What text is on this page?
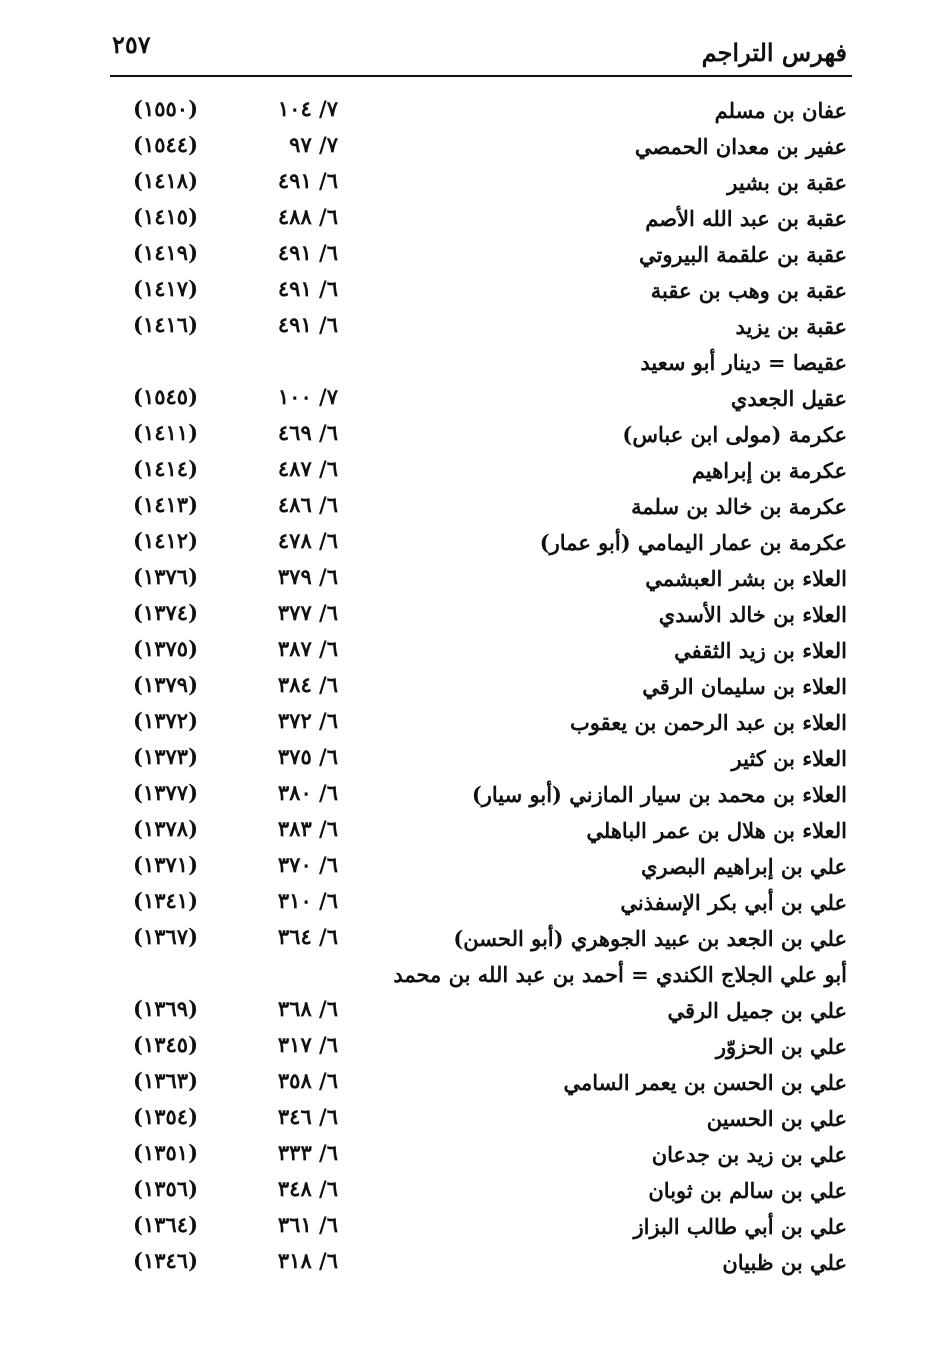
٢٥٧	فهرس التراجم
عفان بن مسلم
٧/ ١٠٤
(١٥٥٠)
عفير بن معدان الحمصي
٧/ ٩٧
(١٥٤٤)
عقبة بن بشير
٦/ ٤٩١
(١٤١٨)
عقبة بن عبد الله الأصم
٦/ ٤٨٨
(١٤١٥)
عقبة بن علقمة البيروتي
٦/ ٤٩١
(١٤١٩)
عقبة بن وهب بن عقبة
٦/ ٤٩١
(١٤١٧)
عقبة بن يزيد
٦/ ٤٩١
(١٤١٦)
عقيصا = دينار أبو سعيد
عقيل الجعدي
٧/ ١٠٠
(١٥٤٥)
عكرمة (مولى ابن عباس)
٦/ ٤٦٩
(١٤١١)
عكرمة بن إبراهيم
٦/ ٤٨٧
(١٤١٤)
عكرمة بن خالد بن سلمة
٦/ ٤٨٦
(١٤١٣)
عكرمة بن عمار اليمامي (أبو عمار)
٦/ ٤٧٨
(١٤١٢)
العلاء بن بشر العبشمي
٦/ ٣٧٩
(١٣٧٦)
العلاء بن خالد الأسدي
٦/ ٣٧٧
(١٣٧٤)
العلاء بن زيد الثقفي
٦/ ٣٨٧
(١٣٧٥)
العلاء بن سليمان الرقي
٦/ ٣٨٤
(١٣٧٩)
العلاء بن عبد الرحمن بن يعقوب
٦/ ٣٧٢
(١٣٧٢)
العلاء بن كثير
٦/ ٣٧٥
(١٣٧٣)
العلاء بن محمد بن سيار المازني (أبو سيار)
٦/ ٣٨٠
(١٣٧٧)
العلاء بن هلال بن عمر الباهلي
٦/ ٣٨٣
(١٣٧٨)
علي بن إبراهيم البصري
٦/ ٣٧٠
(١٣٧١)
علي بن أبي بكر الإسفذني
٦/ ٣١٠
(١٣٤١)
علي بن الجعد بن عبيد الجوهري (أبو الحسن)
٦/ ٣٦٤
(١٣٦٧)
أبو علي الجلاج الكندي = أحمد بن عبد الله بن محمد
علي بن جميل الرقي
٦/ ٣٦٨
(١٣٦٩)
علي بن الحزوّر
٦/ ٣١٧
(١٣٤٥)
علي بن الحسن بن يعمر السامي
٦/ ٣٥٨
(١٣٦٣)
علي بن الحسين
٦/ ٣٤٦
(١٣٥٤)
علي بن زيد بن جدعان
٦/ ٣٣٣
(١٣٥١)
علي بن سالم بن ثوبان
٦/ ٣٤٨
(١٣٥٦)
علي بن أبي طالب البزاز
٦/ ٣٦١
(١٣٦٤)
علي بن ظبيان
٦/ ٣١٨
(١٣٤٦)
